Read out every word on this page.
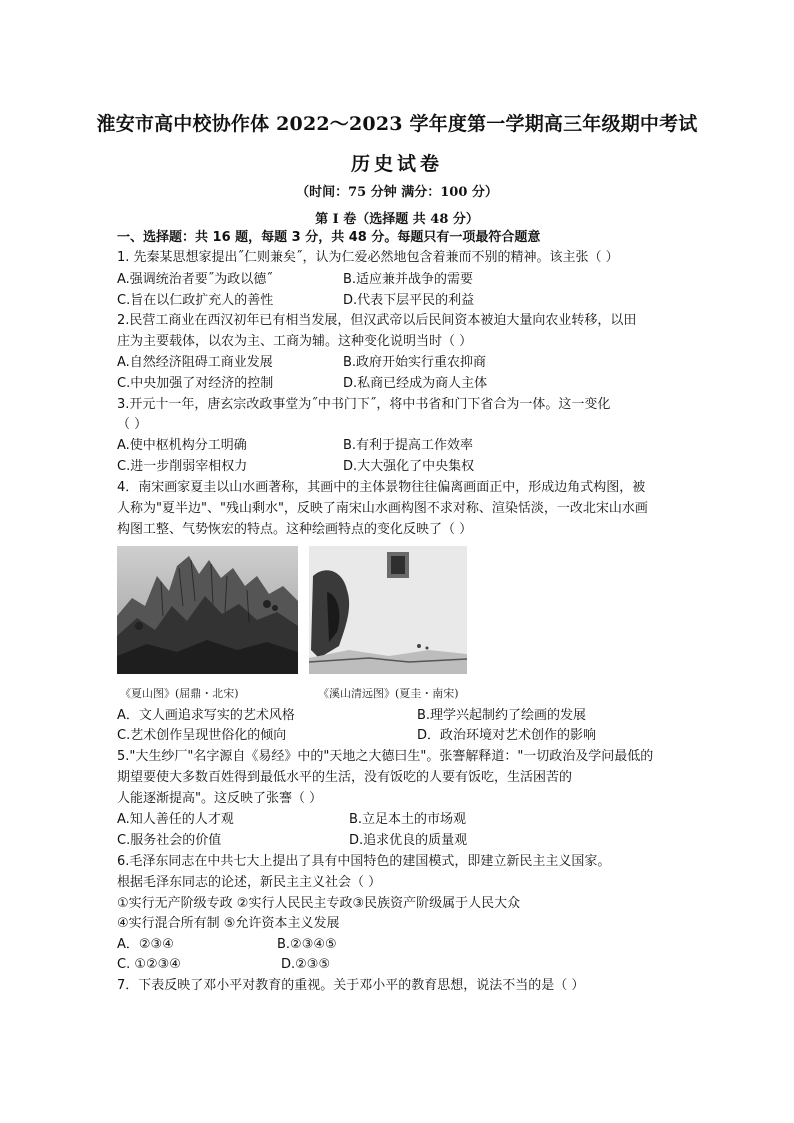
淮安市高中校协作体 2022～2023 学年度第一学期高三年级期中考试
历史试卷
（时间：75 分钟 满分：100 分）
第 I 卷（选择题 共 48 分）
一、选择题：共 16 题，每题 3 分，共 48 分。每题只有一项最符合题意
1. 先秦某思想家提出˝仁则兼矣˝，认为仁爱必然地包含着兼而不别的精神。该主张（ ）
A.强调统治者要˝为政以德˝	B.适应兼并战争的需要
C.旨在以仁政扩充人的善性	D.代表下层平民的利益
2.民营工商业在西汉初年已有相当发展，但汉武帝以后民间资本被迫大量向农业转移，以田
庄为主要载体，以农为主、工商为辅。这种变化说明当时（ ）
A.自然经济阻碍工商业发展	B.政府开始实行重农抑商
C.中央加强了对经济的控制	D.私商已经成为商人主体
3.开元十一年，唐玄宗改政事堂为˝中书门下˝，将中书省和门下省合为一体。这一变化
（ ）
A.使中枢机构分工明确	B.有利于提高工作效率
C.进一步削弱宰相权力	D.大大强化了中央集权
4．南宋画家夏圭以山水画著称，其画中的主体景物往往偏离画面正中，形成边角式构图，被
人称为"夏半边"、"残山剩水"，反映了南宋山水画构图不求对称、渲染恬淡，一改北宋山水画
构图工整、气势恢宏的特点。这种绘画特点的变化反映了（ ）
《夏山图》(屈鼎・北宋)	《溪山清远图》(夏圭・南宋)
A．文人画追求写实的艺术风格	B.理学兴起制约了绘画的发展
C.艺术创作呈现世俗化的倾向	D．政治环境对艺术创作的影响
5."大生纱厂"名字源自《易经》中的"天地之大德曰生"。张謇解释道："一切政治及学问最低的
期望要使大多数百姓得到最低水平的生活，没有饭吃的人要有饭吃，生活困苦的
人能逐渐提高"。这反映了张謇（ ）
A.知人善任的人才观	B.立足本土的市场观
C.服务社会的价值	D.追求优良的质量观
6.毛泽东同志在中共七大上提出了具有中国特色的建国模式，即建立新民主主义国家。
根据毛泽东同志的论述，新民主主义社会（ ）
①实行无产阶级专政 ②实行人民民主专政③民族资产阶级属于人民大众
④实行混合所有制 ⑤允许资本主义发展
A．②③④	B.②③④⑤
C. ①②③④	D.②③⑤
7．下表反映了邓小平对教育的重视。关于邓小平的教育思想，说法不当的是（ ）
